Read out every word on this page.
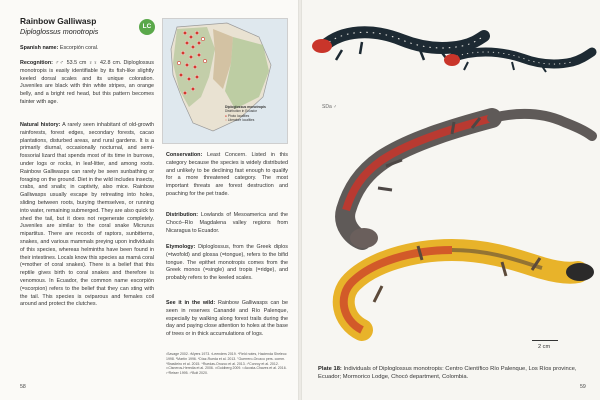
Rainbow Galliwasp
Diploglossus monotropis
LC
Spanish name: Escorpión coral.
Recognition: ♂♂ 53.5 cm ♀♀ 42.8 cm. Diploglossus monotropis is easily identifiable by its fish-like slightly keeled dorsal scales and its unique coloration. Juveniles are black with thin white stripes, an orange belly, and a bright red head, but this pattern becomes fainter with age.
Natural history: A rarely seen inhabitant of old-growth rainforests, forest edges, secondary forests, cacao plantations, disturbed areas, and rural gardens. It is a primarily diurnal, occasionally nocturnal, and semi-fossorial lizard that spends most of its time in burrows, under logs or rocks, in leaf-litter, and among roots. Rainbow Galliwasps can rarely be seen sunbathing or foraging on the ground. Diet in the wild includes insects, crabs, and snails; in captivity, also mice. Rainbow Galliwasps usually escape by retreating into holes, sliding between roots, burying themselves, or running into water, remaining submerged. They are also quick to shed the tail, but it does not regenerate completely. Juveniles are similar to the coral snake Micrurus mipartitus. There are records of raptors, sunbitterns, snakes, and various mammals preying upon individuals of this species, whereas helminths have been found in their intestines. Locals know this species as mamá coral (=mother of coral snakes). There is a belief that this reptile gives birth to coral snakes and therefore is venomous. In Ecuador, the common name escorpión (=scorpion) refers to the belief that they can sting with the tail. This species is oviparous and females coil around and protect the clutches.
Diploglossus monotropis
Distribution in Ecuador
● Photo localities
○ Literature localities
Conservation: Least Concern. Listed in this category because the species is widely distributed and unlikely to be declining fast enough to qualify for a more threatened category. The most important threats are forest destruction and poaching for the pet trade.
Distribution: Lowlands of Mesoamerica and the Chocó–Río Magdalena valley regions from Nicaragua to Ecuador.
Etymology: Diploglossus, from the Greek diplos (=twofold) and glossa (=tongue), refers to the bifid tongue. The epithet monotropis comes from the Greek monos (=single) and tropis (=ridge), and probably refers to the keeled scales.
See it in the wild: Rainbow Galliwasps can be seen in reserves Canandé and Río Palenque, especially by walking along forest trails during the day and paying close attention to holes at the base of trees or in thick accumulations of logs.
¹Savage 2002. ²Myers 1973. ³Leenders 2019. ⁴Field notes, Hacienda Sheleoc 1998. ⁵Martín 1996. ⁶Díaz-Rueda et al. 2013. ⁷Guerrero-Orozco pers. comm. ⁸Brasileiro et al. 2015. ⁹Ruedas-Orozco et al. 2013. ¹⁰Conroy et al. 2012. ¹¹Cisneros-Heredia et al. 2006. ¹²Goldberg 2009. ¹³Acosta-Chaves et al. 2016. ¹⁴Reiser 1995. ¹⁵Bolt 2020.
58
SDa ♂
2 cm
Plate 18: Individuals of Diploglossus monotropis: Centro Científico Río Palenque, Los Ríos province, Ecuador; Mormorico Lodge, Chocó department, Colombia.
59
